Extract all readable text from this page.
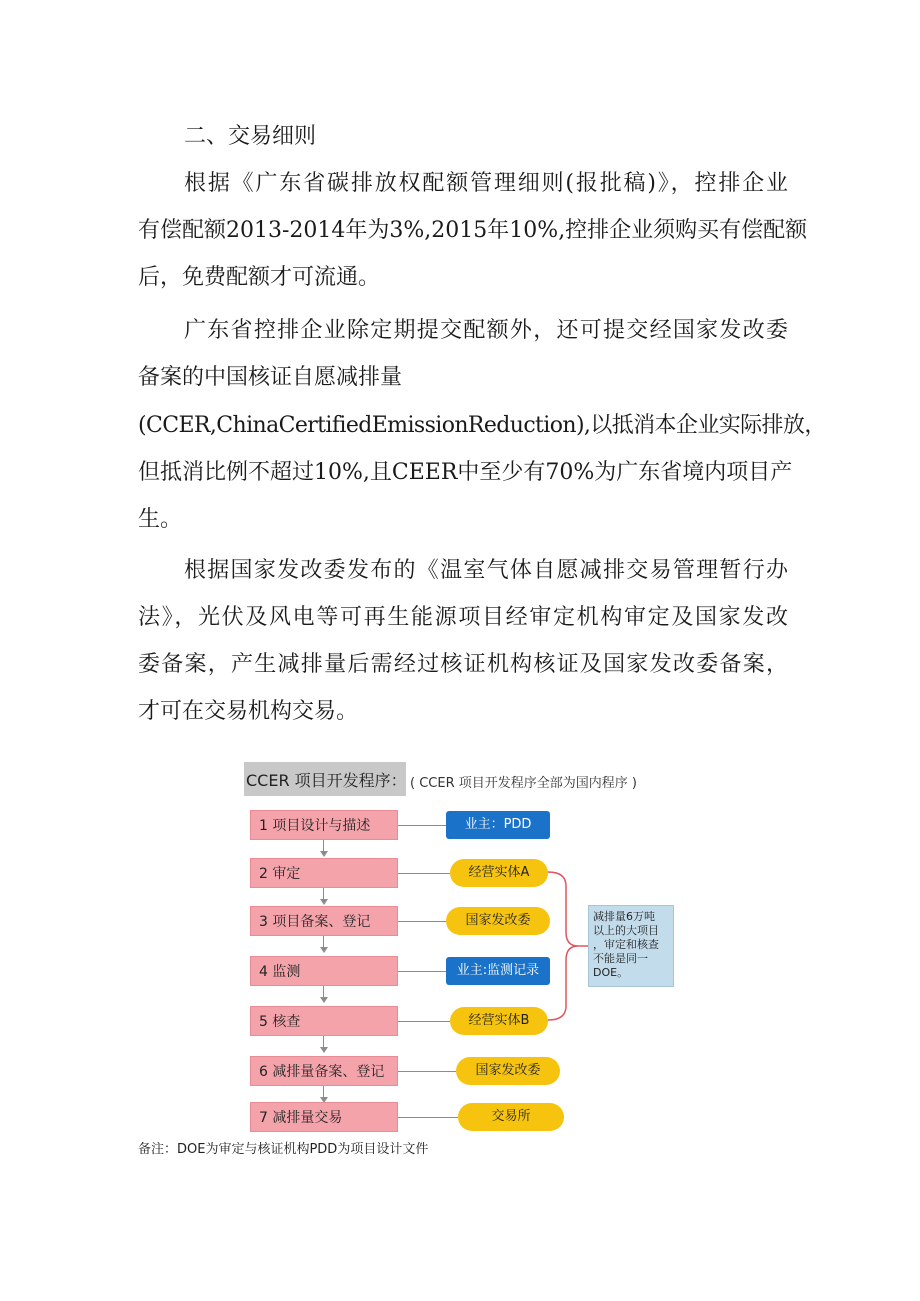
二、交易细则
根据《广东省碳排放权配额管理细则(报批稿)》，控排企业
有偿配额2013-2014年为3%,2015年10%,控排企业须购买有偿配额
后，免费配额才可流通。
广东省控排企业除定期提交配额外，还可提交经国家发改委
备案的中国核证自愿减排量
(CCER,ChinaCertifiedEmissionReduction),以抵消本企业实际排放，
但抵消比例不超过10%,且CEER中至少有70%为广东省境内项目产
生。
根据国家发改委发布的《温室气体自愿减排交易管理暂行办
法》，光伏及风电等可再生能源项目经审定机构审定及国家发改
委备案，产生减排量后需经过核证机构核证及国家发改委备案，
才可在交易机构交易。
CCER 项目开发程序： ( CCER 项目开发程序全部为国内程序 )
1 项目设计与描述
2 审定
3 项目备案、登记
4 监测
5 核查
6 减排量备案、登记
7 减排量交易
业主：PDD
经营实体A
国家发改委
业主:监测记录
经营实体B
国家发改委
交易所
减排量6万吨
以上的大项目
，审定和核查
不能是同一
DOE。
备注：DOE为审定与核证机构PDD为项目设计文件
